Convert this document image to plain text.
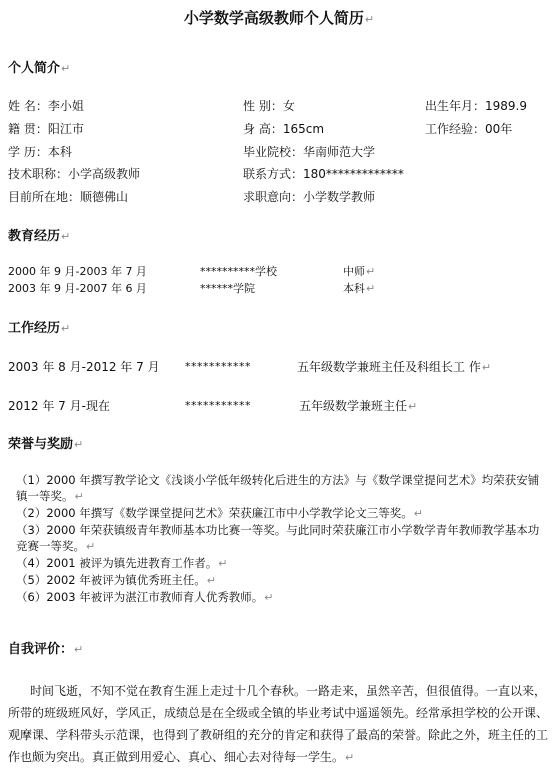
小学数学高级教师个人简历↵
个人简介↵
姓 名：李小姐	性 别：女	出生年月：1989.9
籍 贯：阳江市	身 高：165cm	工作经验：00年
学 历：本科	毕业院校：华南师范大学
技术职称：小学高级教师	联系方式：180*************
目前所在地：顺德佛山	求职意向：小学数学教师
教育经历↵
2000 年 9 月-2003 年 7 月	**********学校	中师↵
2003 年 9 月-2007 年 6 月	******学院	本科↵
工作经历↵
2003 年 8 月-2012 年 7 月 ***********	五年级数学兼班主任及科组长工 作↵
2012 年 7 月-现在	***********	五年级数学兼班主任↵
荣誉与奖励↵
（1）2000 年撰写教学论文《浅谈小学低年级转化后进生的方法》与《数学课堂提问艺术》均荣获安铺镇一等奖。↵
（2）2000 年撰写《数学课堂提问艺术》荣获廉江市中小学教学论文三等奖。↵
（3）2000 年荣获镇级青年教师基本功比赛一等奖。与此同时荣获廉江市小学数学青年教师教学基本功竞赛一等奖。↵
（4）2001 被评为镇先进教育工作者。↵
（5）2002 年被评为镇优秀班主任。↵
（6）2003 年被评为湛江市教师育人优秀教师。↵
自我评价：↵
时间飞逝，不知不觉在教育生涯上走过十几个春秋。一路走来，虽然辛苦，但很值得。一直以来，所带的班级班风好，学风正，成绩总是在全级或全镇的毕业考试中遥遥领先。经常承担学校的公开课、观摩课、学科带头示范课，也得到了教研组的充分的肯定和获得了最高的荣誉。除此之外，班主任的工作也颇为突出。真正做到用爱心、真心、细心去对待每一学生。↵
